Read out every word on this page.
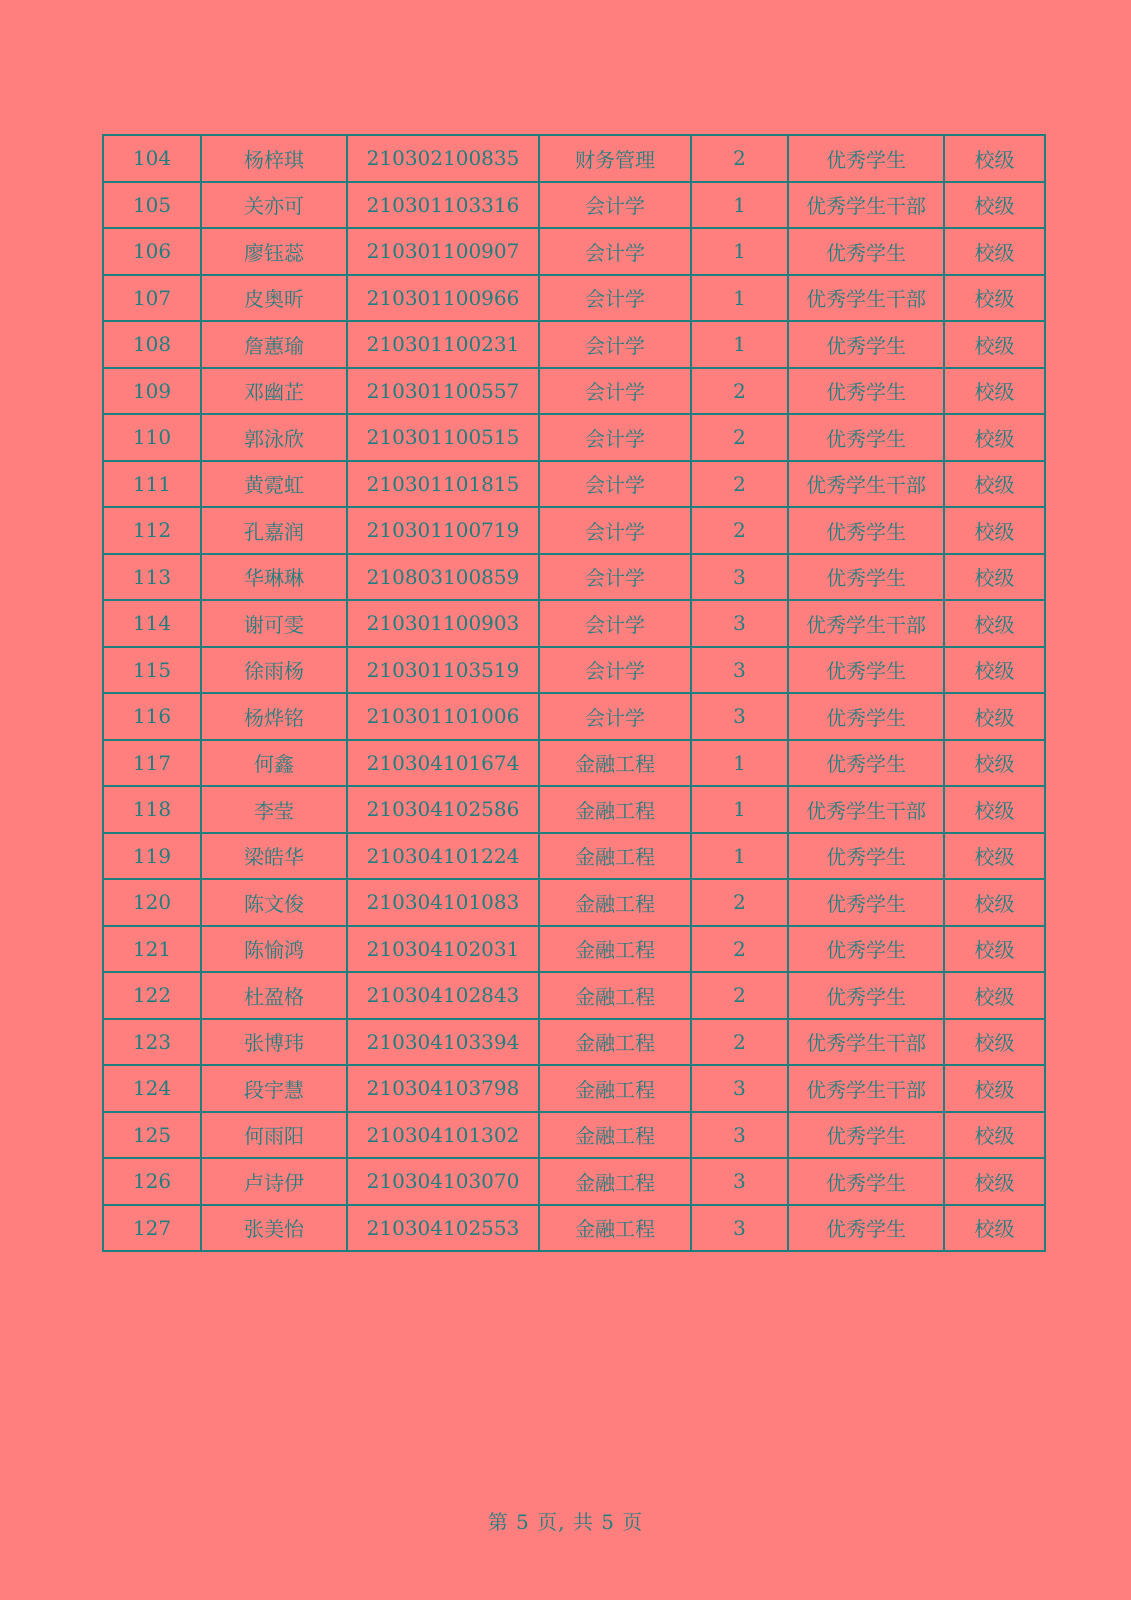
104	杨梓琪	210302100835	财务管理	2	优秀学生	校级
105	关亦可	210301103316	会计学	1	优秀学生干部	校级
106	廖钰蕊	210301100907	会计学	1	优秀学生	校级
107	皮奥昕	210301100966	会计学	1	优秀学生干部	校级
108	詹蕙瑜	210301100231	会计学	1	优秀学生	校级
109	邓幽芷	210301100557	会计学	2	优秀学生	校级
110	郭泳欣	210301100515	会计学	2	优秀学生	校级
111	黄霓虹	210301101815	会计学	2	优秀学生干部	校级
112	孔嘉润	210301100719	会计学	2	优秀学生	校级
113	华琳琳	210803100859	会计学	3	优秀学生	校级
114	谢可雯	210301100903	会计学	3	优秀学生干部	校级
115	徐雨杨	210301103519	会计学	3	优秀学生	校级
116	杨烨铭	210301101006	会计学	3	优秀学生	校级
117	何鑫	210304101674	金融工程	1	优秀学生	校级
118	李莹	210304102586	金融工程	1	优秀学生干部	校级
119	梁皓华	210304101224	金融工程	1	优秀学生	校级
120	陈文俊	210304101083	金融工程	2	优秀学生	校级
121	陈愉鸿	210304102031	金融工程	2	优秀学生	校级
122	杜盈格	210304102843	金融工程	2	优秀学生	校级
123	张博玮	210304103394	金融工程	2	优秀学生干部	校级
124	段宇慧	210304103798	金融工程	3	优秀学生干部	校级
125	何雨阳	210304101302	金融工程	3	优秀学生	校级
126	卢诗伊	210304103070	金融工程	3	优秀学生	校级
127	张美怡	210304102553	金融工程	3	优秀学生	校级
第 5 页, 共 5 页
